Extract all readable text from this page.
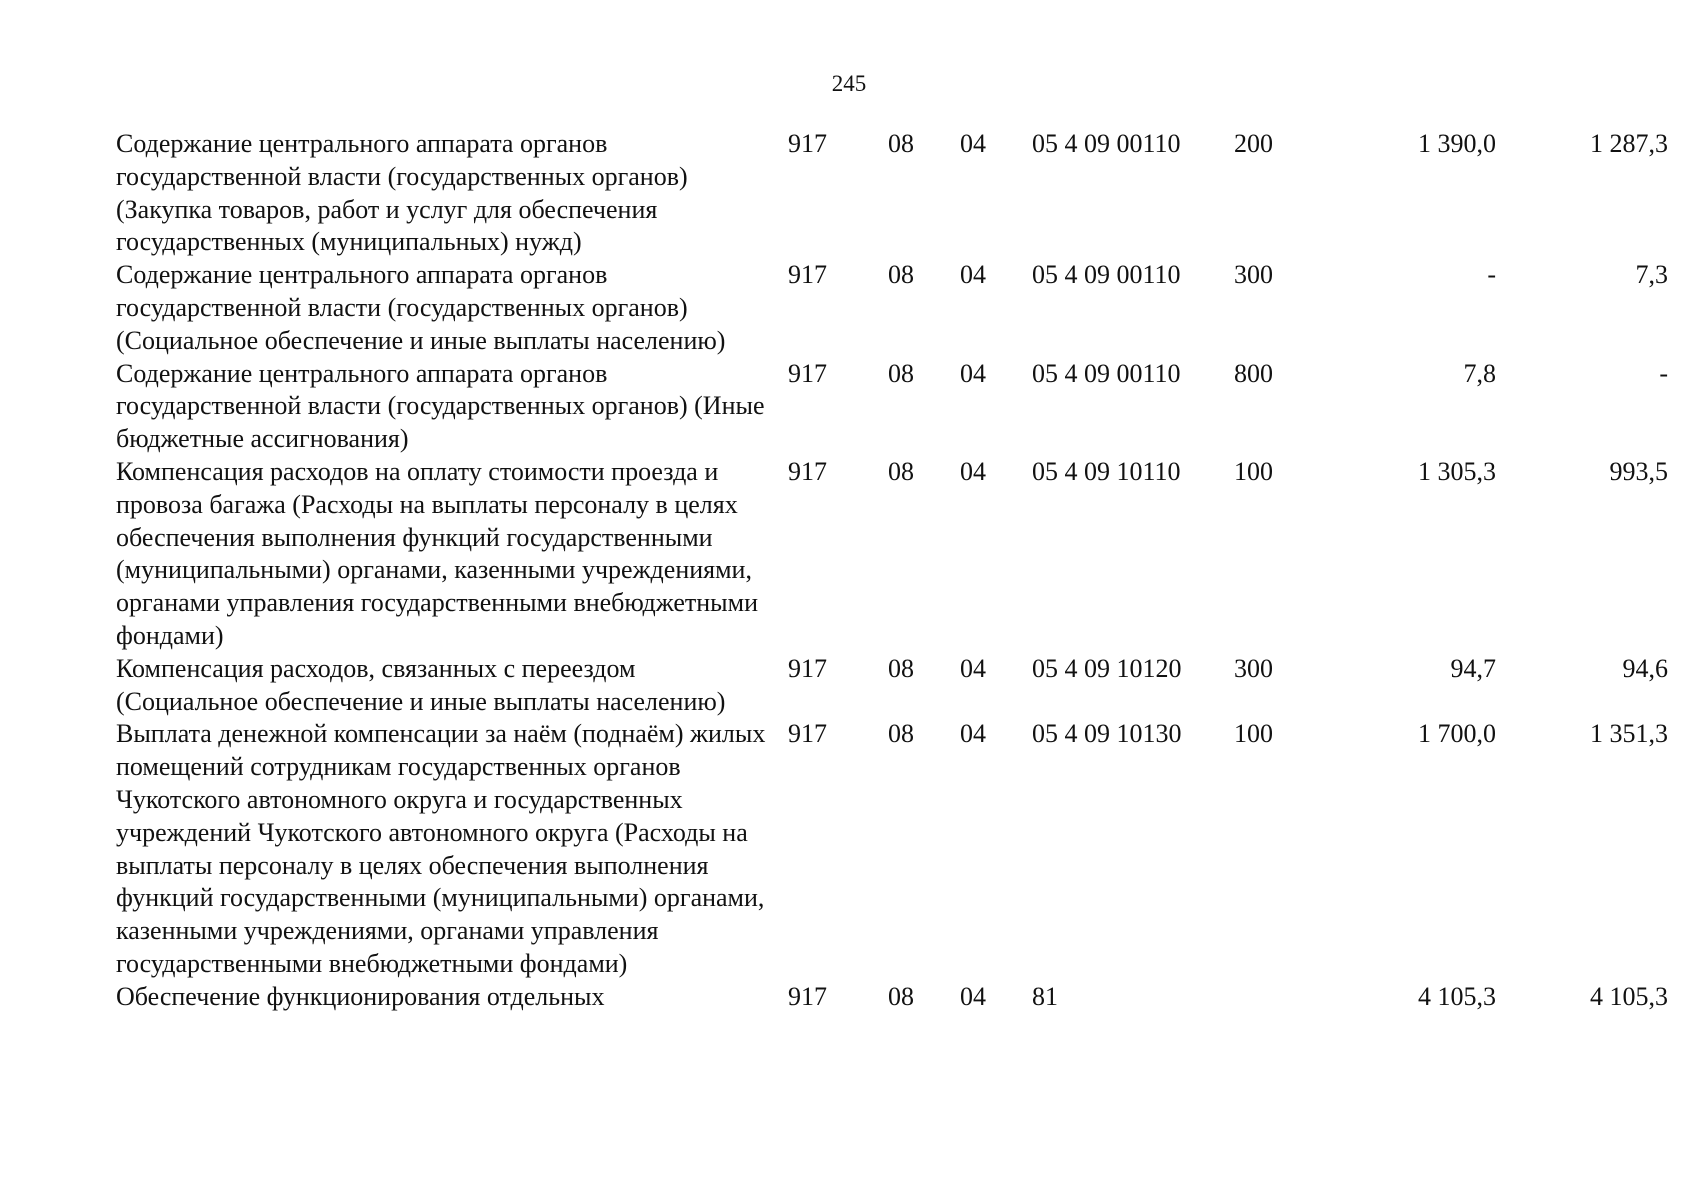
245
Содержание центрального аппарата органов государственной власти (государственных органов) (Закупка товаров, работ и услуг для обеспечения государственных (муниципальных) нужд)	917	08	04	05 4 09 00110	200	1 390,0	1 287,3
Содержание центрального аппарата органов государственной власти (государственных органов) (Социальное обеспечение и иные выплаты населению)	917	08	04	05 4 09 00110	300	-	7,3
Содержание центрального аппарата органов государственной власти (государственных органов) (Иные бюджетные ассигнования)	917	08	04	05 4 09 00110	800	7,8	-
Компенсация расходов на оплату стоимости проезда и провоза багажа (Расходы на выплаты персоналу в целях обеспечения выполнения функций государственными (муниципальными) органами, казенными учреждениями, органами управления государственными внебюджетными фондами)	917	08	04	05 4 09 10110	100	1 305,3	993,5
Компенсация расходов, связанных с переездом (Социальное обеспечение и иные выплаты населению)	917	08	04	05 4 09 10120	300	94,7	94,6
Выплата денежной компенсации за наём (поднаём) жилых помещений сотрудникам государственных органов Чукотского автономного округа и государственных учреждений Чукотского автономного округа (Расходы на выплаты персоналу в целях обеспечения выполнения функций государственными (муниципальными) органами, казенными учреждениями, органами управления государственными внебюджетными фондами)	917	08	04	05 4 09 10130	100	1 700,0	1 351,3
Обеспечение функционирования отдельных	917	08	04	81		4 105,3	4 105,3
